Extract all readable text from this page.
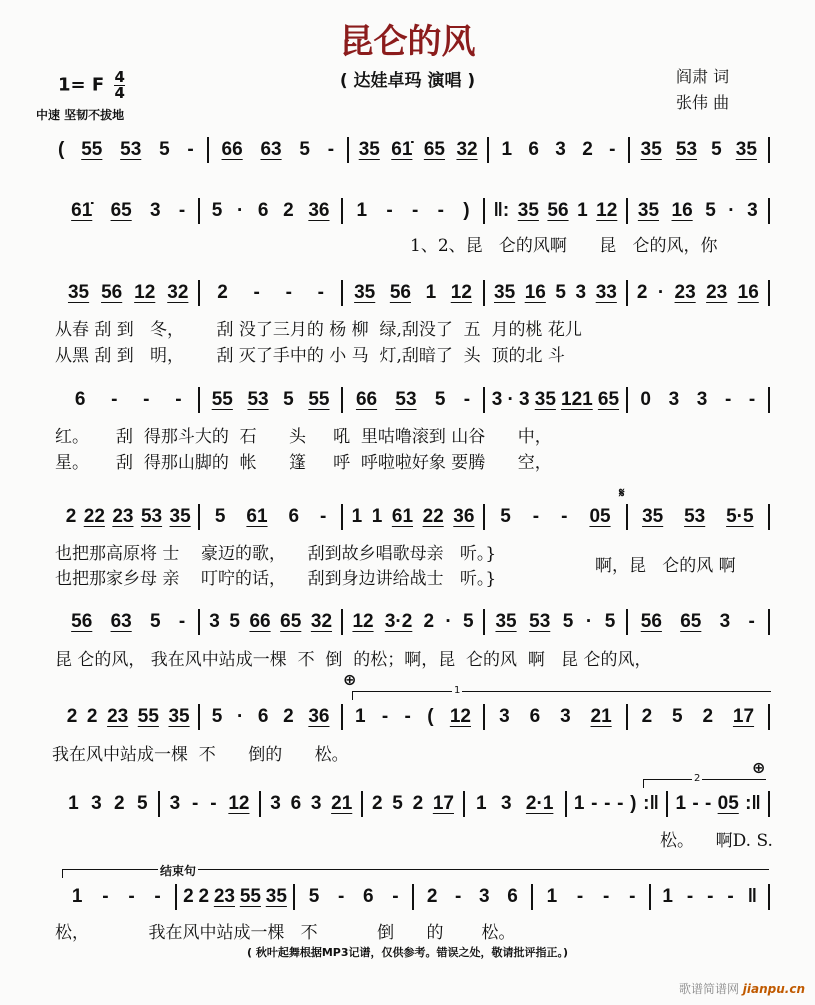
昆仑的风
( 达娃卓玛 演唱 )	阎肃 词
张伟 曲
1= F $\frac{4}{4}$
中速 坚韧不拔地
( 55 53 5 - 66 63 5 - 35 61̇ 65 32 1 6 3 2 - 35 53 5 35
61̇ 65 3 - 5 · 6 2 36 1 - - - ) ‖: 35 56 1 12 35 16 5 · 3
35 56 12 32 2 - - - 35 56 1 12 35 16 5 3 33 2 · 23 23 16
6 - - - 55 53 5 55 66 53 5 - 3 · 3 35 121 65 0 3 3 - -
2 22 23 53 35 5 61 6 - 1 1 61 22 36 5 - - 05 35 53 5·5
56 63 5 - 3 5 66 65 32 12 3·2 2 · 5 35 53 5 · 5 56 65 3 -
2 2 23 55 35 5 · 6 2 36 1 - - ( 12 3 6 3 21 2 5 2 17
1 3 2 5 3 - - 12 3 6 3 21 2 5 2 17 1 3 2·1 1 - - - ) :‖ 1 - - 05 :‖
1 - - - 2 2 23 55 35 5 - 6 - 2 - 3 6 1 - - - 1 - - - ‖
1、2、昆   仑的风啊      昆   仑的风，你
从春 刮 到   冬，      刮 没了三月的 杨 柳  绿,刮没了  五  月的桃 花儿
从黑 刮 到   明，      刮 灭了手中的 小 马  灯,刮暗了  头  顶的北 斗
红。     刮  得那斗大的  石      头     吼  里咕噜滚到 山谷      中，
星。     刮  得那山脚的  帐      篷     呼  呼啦啦好象 要腾      空，
也把那高原将 士    豪迈的歌，    刮到故乡唱歌母亲   听。}
也把那家乡母 亲    叮咛的话，    刮到身边讲给战士   听。}
啊，昆   仑的风 啊
昆 仑的风， 我在风中站成一棵  不  倒  的松；啊，昆  仑的风  啊   昆 仑的风，
我在风中站成一棵  不      倒的      松。
松。    啊D. S.
松，           我在风中站成一棵   不           倒      的       松。
1
2
结束句
⊕
⊕
𝄋
( 秋叶起舞根据MP3记谱，仅供参考。错误之处，敬请批评指正。)
歌谱简谱网 jianpu.cn
